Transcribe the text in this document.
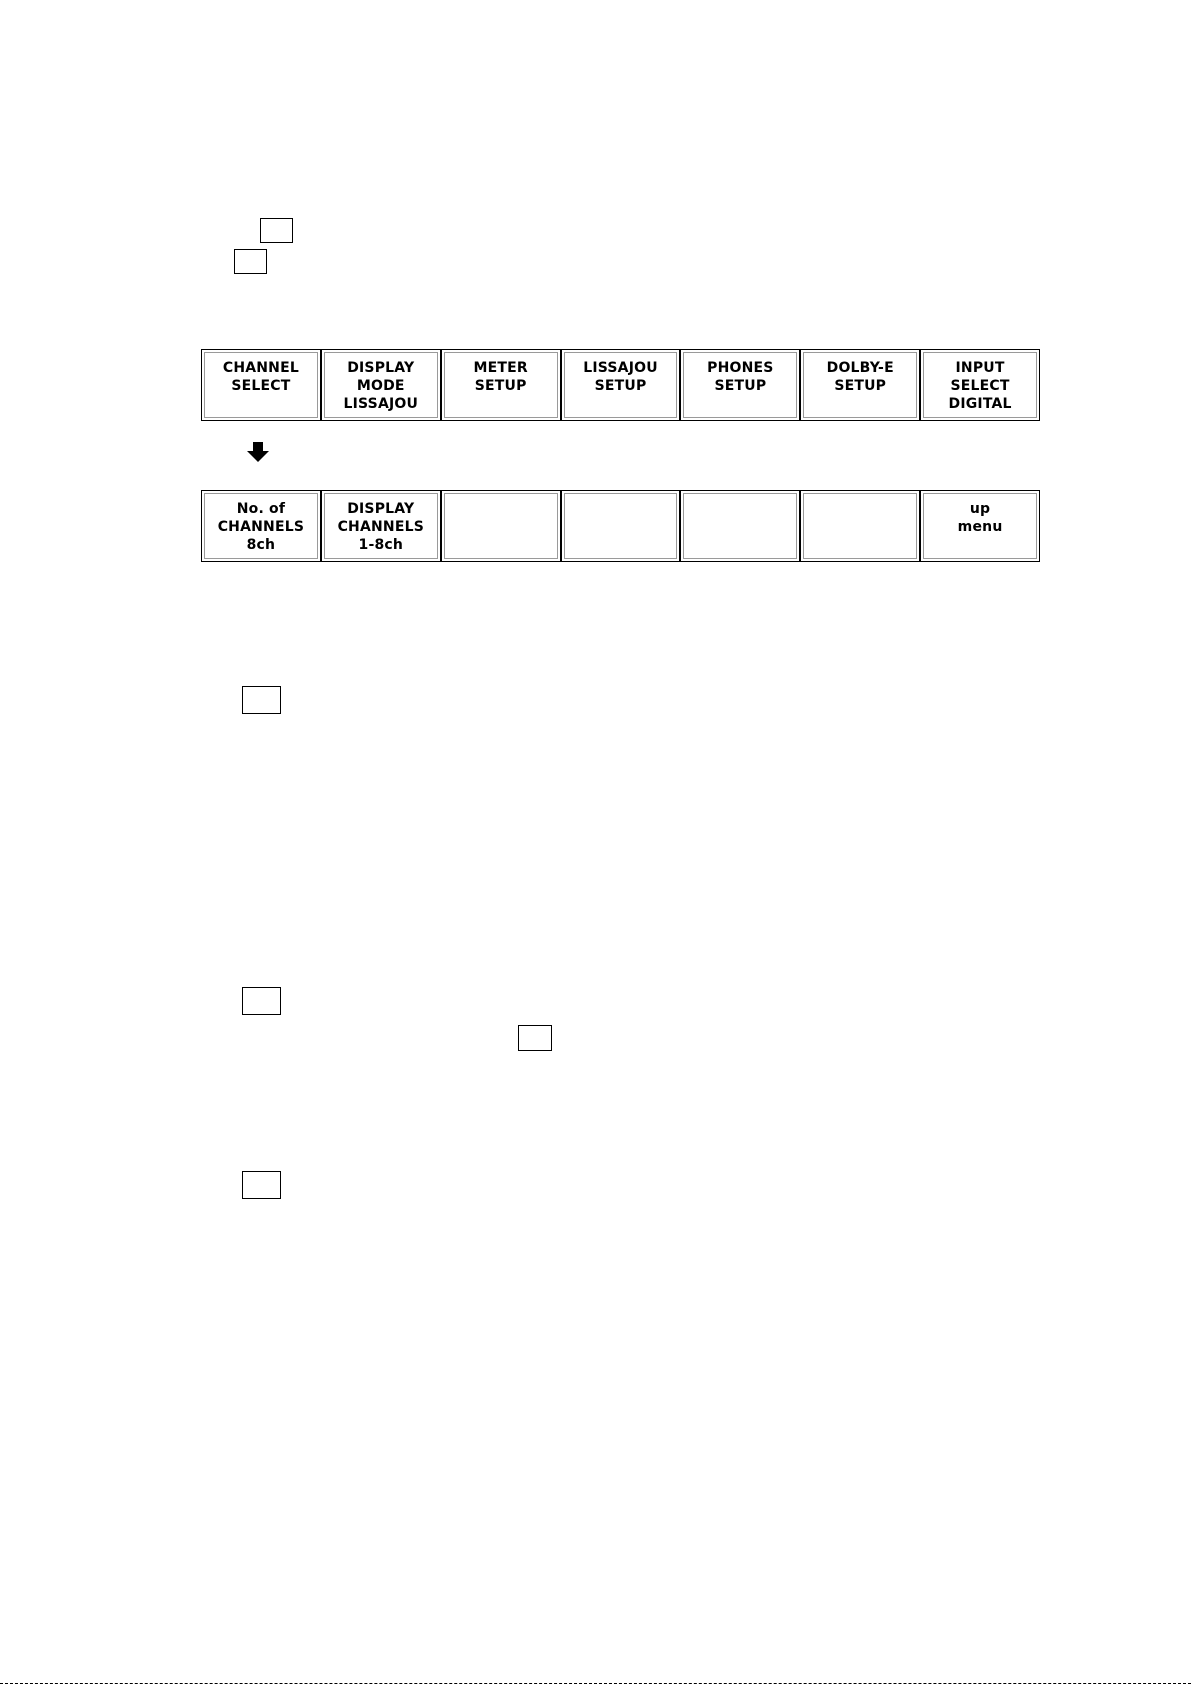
CHANNEL
SELECT
DISPLAY
MODE
LISSAJOU
METER
SETUP
LISSAJOU
SETUP
PHONES
SETUP
DOLBY-E
SETUP
INPUT
SELECT
DIGITAL
No. of
CHANNELS
8ch
DISPLAY
CHANNELS
1-8ch
up
menu
